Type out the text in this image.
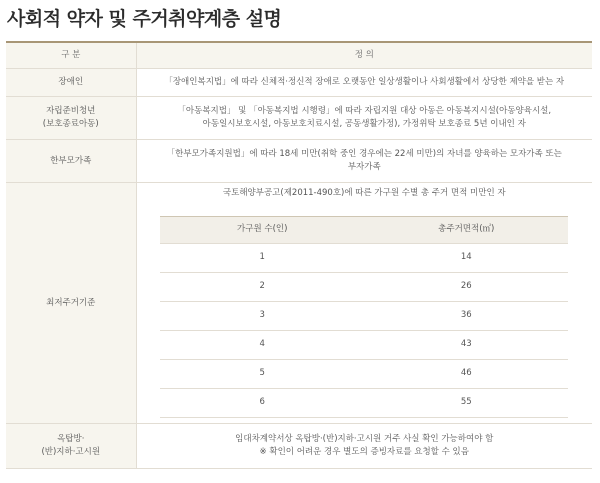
사회적 약자 및 주거취약계층 설명
구 분	정 의

장애인	「장애인복지법」에 따라 신체적·정신적 장애로 오랫동안 일상생활이나 사회생활에서 상당한 제약을 받는 자

자립준비청년
(보호종료아동)

「아동복지법」 및 「아동복지법 시행령」에 따라 자립지원 대상 아동은 아동복지시설(아동양육시설,
아동일시보호시설, 아동보호치료시설, 공동생활가정), 가정위탁 보호종료 5년 이내인 자

한부모가족

「한부모가족지원법」에 따라 18세 미만(취학 중인 경우에는 22세 미만)의 자녀를 양육하는 모자가족 또는
부자가족

최저주거기준

국토해양부공고(제2011-490호)에 따른 가구원 수별 총 주거 면적 미만인 자
가구원 수(인)	총주거면적(㎡)
1	14
2	26
3	36
4	43
5	46
6	55

옥탑방·
(반)지하·고시원

임대차계약서상 옥탑방·(반)지하·고시원 거주 사실 확인 가능하여야 함
※ 확인이 어려운 경우 별도의 증빙자료를 요청할 수 있음
